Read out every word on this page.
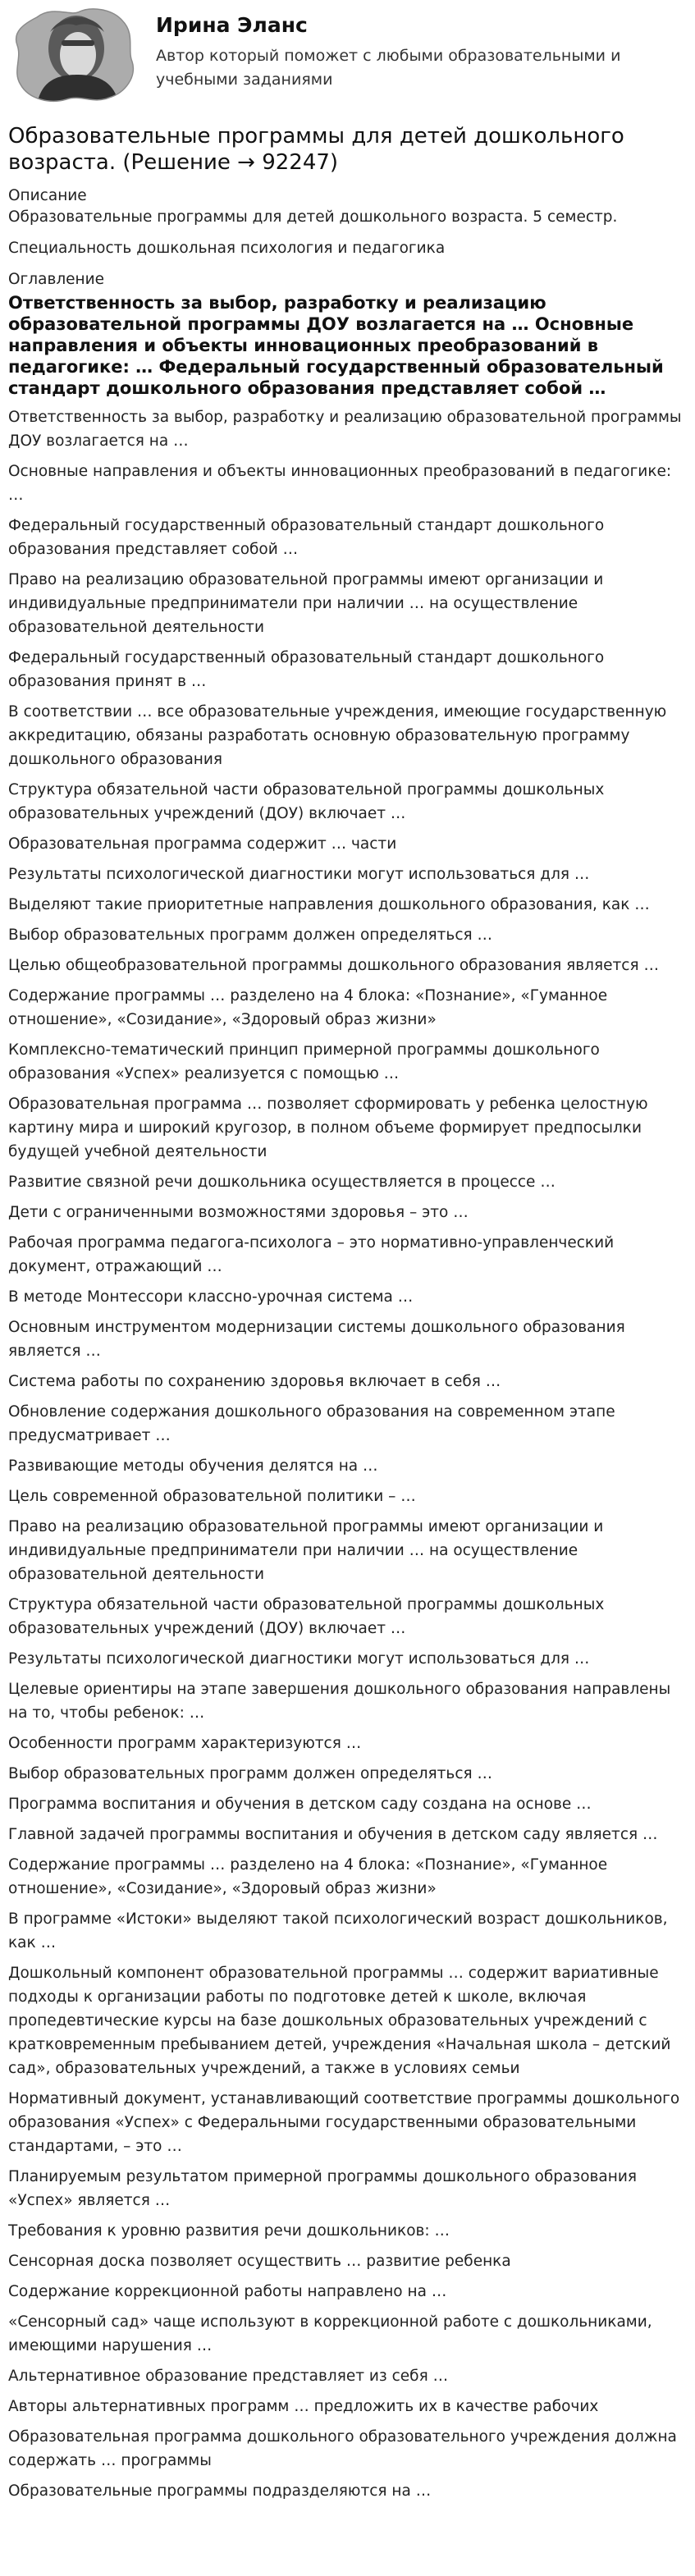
Ирина Эланс
Автор который поможет с любыми образовательными и учебными заданиями
Образовательные программы для детей дошкольного возраста. (Решение → 92247)
Описание
Образовательные программы для детей дошкольного возраста. 5 семестр.
Специальность дошкольная психология и педагогика
Оглавление
Ответственность за выбор, разработку и реализацию образовательной программы ДОУ возлагается на … Основные направления и объекты инновационных преобразований в педагогике: … Федеральный государственный образовательный стандарт дошкольного образования представляет собой …
Ответственность за выбор, разработку и реализацию образовательной программы ДОУ возлагается на …
Основные направления и объекты инновационных преобразований в педагогике: …
Федеральный государственный образовательный стандарт дошкольного образования представляет собой …
Право на реализацию образовательной программы имеют организации и индивидуальные предприниматели при наличии … на осуществление образовательной деятельности
Федеральный государственный образовательный стандарт дошкольного образования принят в …
В соответствии … все образовательные учреждения, имеющие государственную аккредитацию, обязаны разработать основную образовательную программу дошкольного образования
Структура обязательной части образовательной программы дошкольных образовательных учреждений (ДОУ) включает …
Образовательная программа содержит … части
Результаты психологической диагностики могут использоваться для …
Выделяют такие приоритетные направления дошкольного образования, как …
Выбор образовательных программ должен определяться …
Целью общеобразовательной программы дошкольного образования является …
Содержание программы … разделено на 4 блока: «Познание», «Гуманное отношение», «Созидание», «Здоровый образ жизни»
Комплексно-тематический принцип примерной программы дошкольного образования «Успех» реализуется с помощью …
Образовательная программа … позволяет сформировать у ребенка целостную картину мира и широкий кругозор, в полном объеме формирует предпосылки будущей учебной деятельности
Развитие связной речи дошкольника осуществляется в процессе …
Дети с ограниченными возможностями здоровья – это …
Рабочая программа педагога-психолога – это нормативно-управленческий документ, отражающий …
В методе Монтессори классно-урочная система …
Основным инструментом модернизации системы дошкольного образования является …
Система работы по сохранению здоровья включает в себя …
Обновление содержания дошкольного образования на современном этапе предусматривает …
Развивающие методы обучения делятся на …
Цель современной образовательной политики – …
Право на реализацию образовательной программы имеют организации и индивидуальные предприниматели при наличии … на осуществление образовательной деятельности
Структура обязательной части образовательной программы дошкольных образовательных учреждений (ДОУ) включает …
Результаты психологической диагностики могут использоваться для …
Целевые ориентиры на этапе завершения дошкольного образования направлены на то, чтобы ребенок: …
Особенности программ характеризуются …
Выбор образовательных программ должен определяться …
Программа воспитания и обучения в детском саду создана на основе …
Главной задачей программы воспитания и обучения в детском саду является …
Содержание программы … разделено на 4 блока: «Познание», «Гуманное отношение», «Созидание», «Здоровый образ жизни»
В программе «Истоки» выделяют такой психологический возраст дошкольников, как …
Дошкольный компонент образовательной программы … содержит вариативные подходы к организации работы по подготовке детей к школе, включая пропедевтические курсы на базе дошкольных образовательных учреждений с кратковременным пребыванием детей, учреждения «Начальная школа – детский сад», образовательных учреждений, а также в условиях семьи
Нормативный документ, устанавливающий соответствие программы дошкольного образования «Успех» с Федеральными государственными образовательными стандартами, – это …
Планируемым результатом примерной программы дошкольного образования «Успех» является …
Требования к уровню развития речи дошкольников: …
Сенсорная доска позволяет осуществить … развитие ребенка
Содержание коррекционной работы направлено на …
«Сенсорный сад» чаще используют в коррекционной работе с дошкольниками, имеющими нарушения …
Альтернативное образование представляет из себя …
Авторы альтернативных программ … предложить их в качестве рабочих
Образовательная программа дошкольного образовательного учреждения должна содержать … программы
Образовательные программы подразделяются на …
